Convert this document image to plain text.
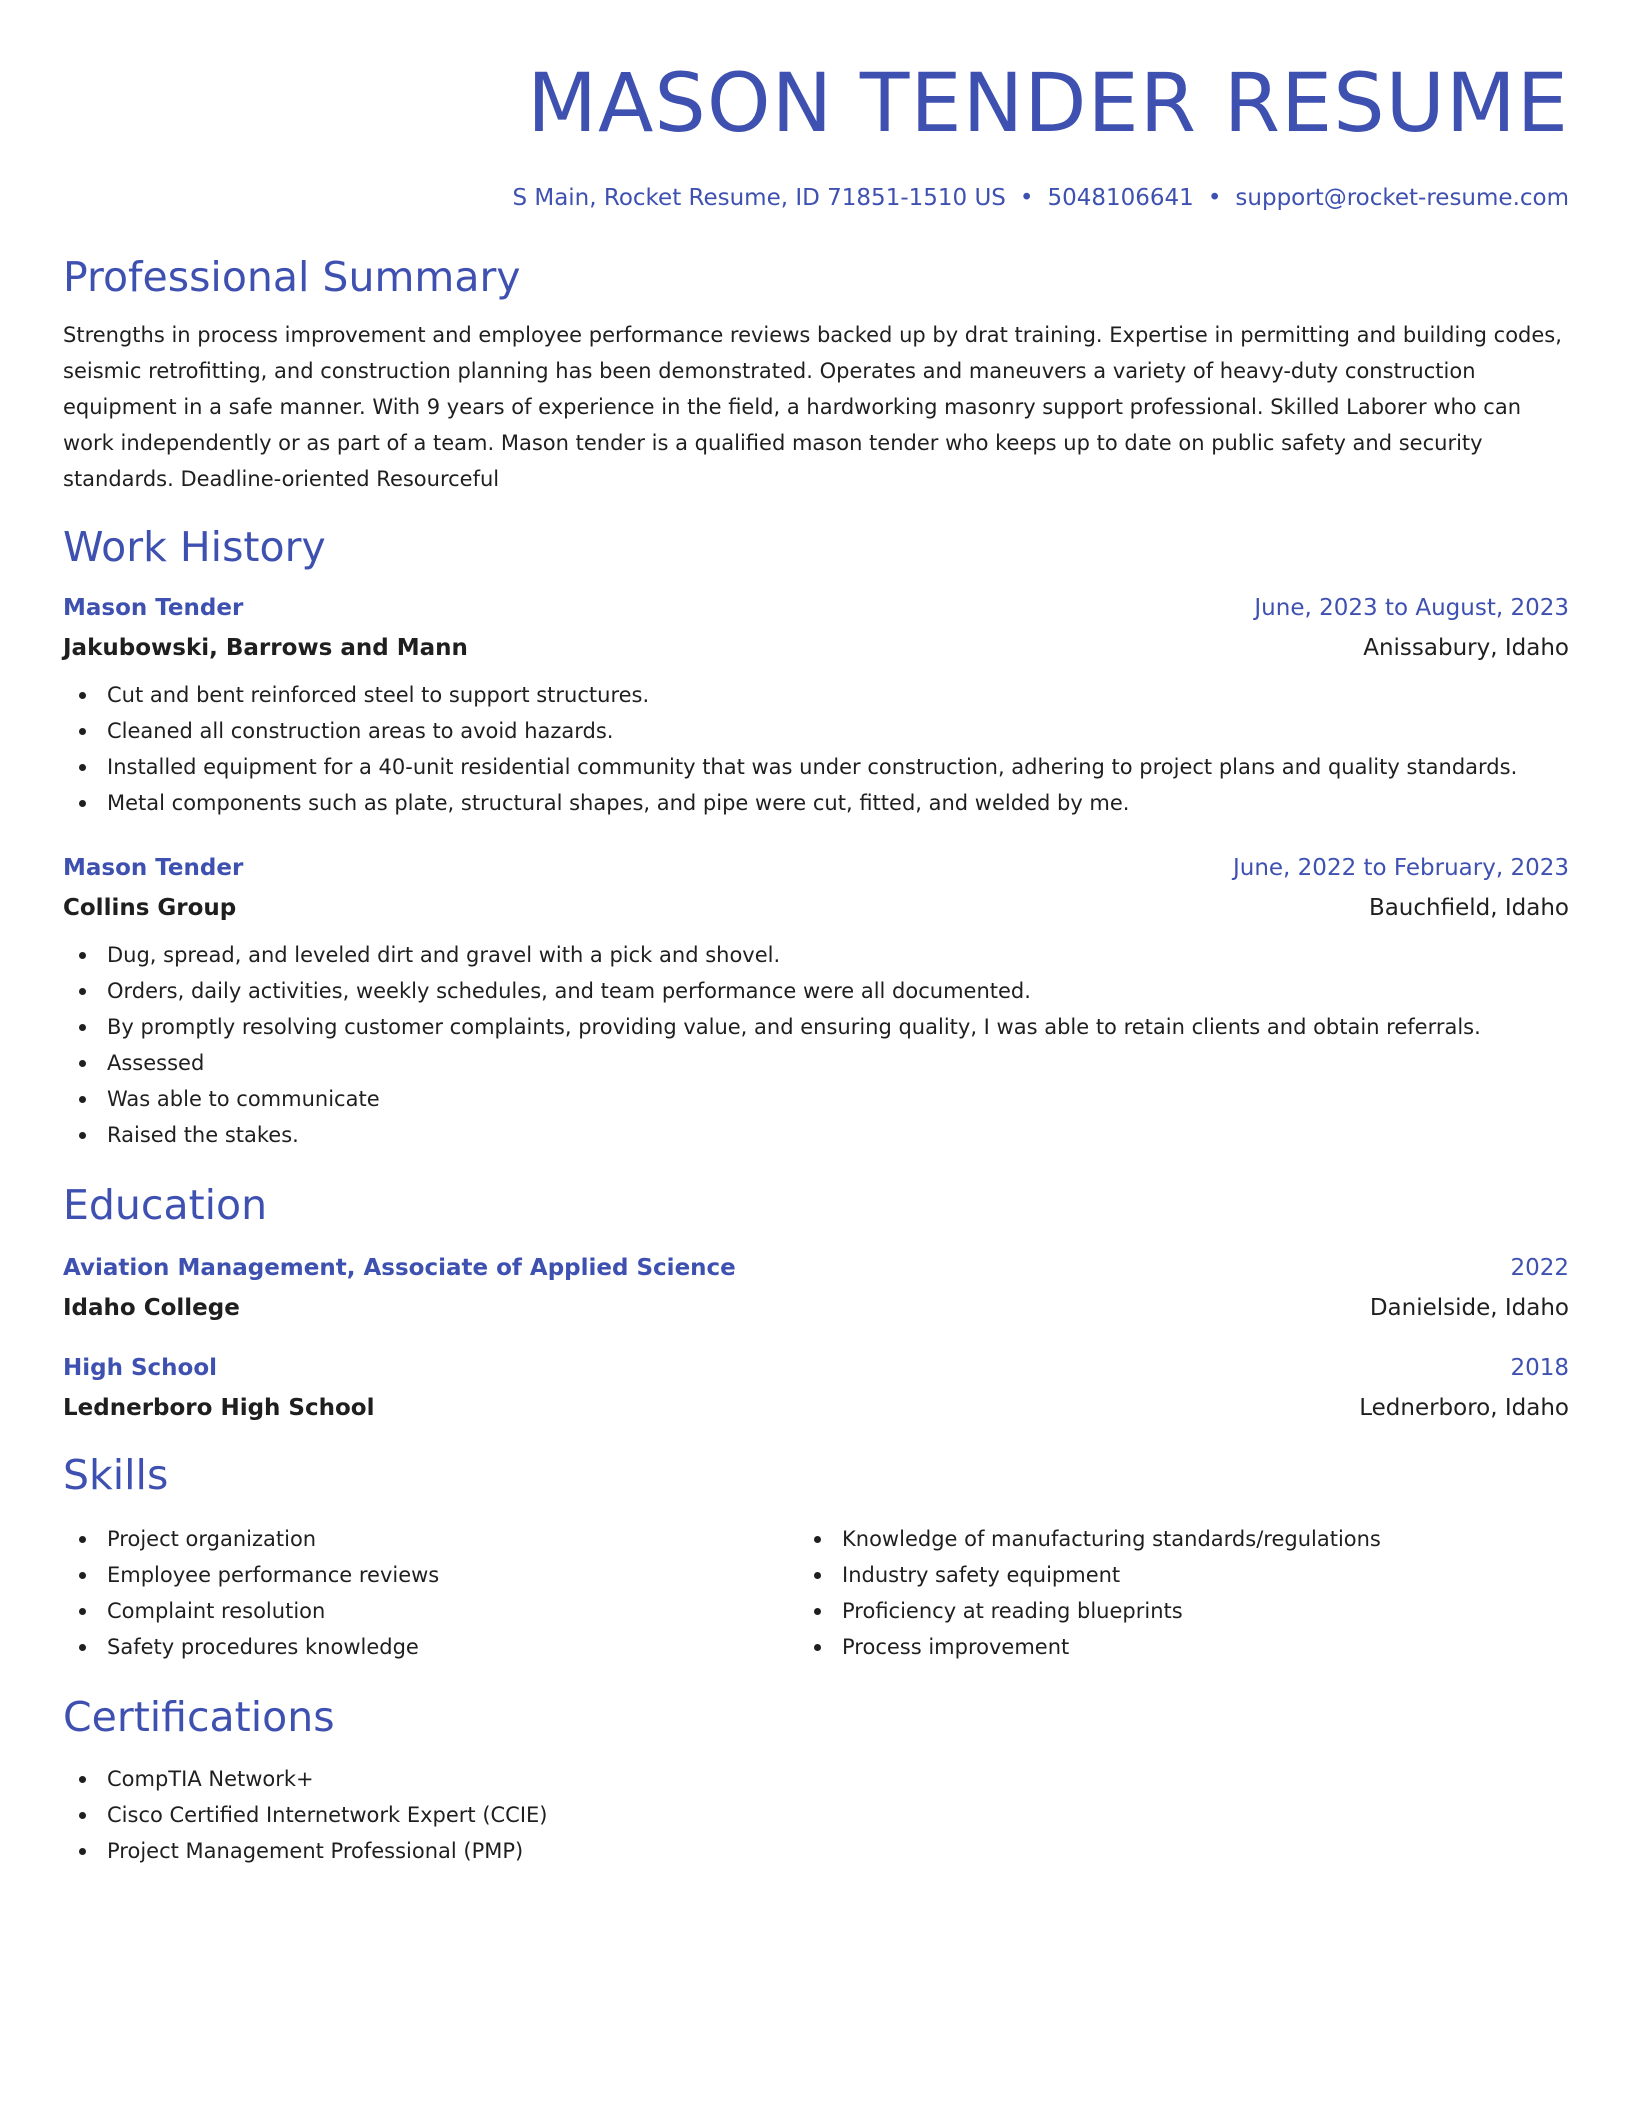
MASON TENDER RESUME
S Main, Rocket Resume, ID 71851-1510 US • 5048106641 • support@rocket-resume.com
Professional Summary

Strengths in process improvement and employee performance reviews backed up by drat training. Expertise in permitting and building codes, seismic retrofitting, and construction planning has been demonstrated. Operates and maneuvers a variety of heavy-duty construction equipment in a safe manner. With 9 years of experience in the field, a hardworking masonry support professional. Skilled Laborer who can work independently or as part of a team. Mason tender is a qualified mason tender who keeps up to date on public safety and security standards. Deadline-oriented Resourceful

Work History
Mason Tender	June, 2023 to August, 2023
Jakubowski, Barrows and Mann	Anissabury, Idaho
Cut and bent reinforced steel to support structures.
Cleaned all construction areas to avoid hazards.
Installed equipment for a 40-unit residential community that was under construction, adhering to project plans and quality standards.
Metal components such as plate, structural shapes, and pipe were cut, fitted, and welded by me.
Mason Tender	June, 2022 to February, 2023
Collins Group	Bauchfield, Idaho
Dug, spread, and leveled dirt and gravel with a pick and shovel.
Orders, daily activities, weekly schedules, and team performance were all documented.
By promptly resolving customer complaints, providing value, and ensuring quality, I was able to retain clients and obtain referrals.
Assessed
Was able to communicate
Raised the stakes.
Education
Aviation Management, Associate of Applied Science	2022
Idaho College	Danielside, Idaho
High School	2018
Lednerboro High School	Lednerboro, Idaho
Skills
Project organization
Employee performance reviews
Complaint resolution
Safety procedures knowledge
Knowledge of manufacturing standards/regulations
Industry safety equipment
Proficiency at reading blueprints
Process improvement
Certifications
CompTIA Network+
Cisco Certified Internetwork Expert (CCIE)
Project Management Professional (PMP)
